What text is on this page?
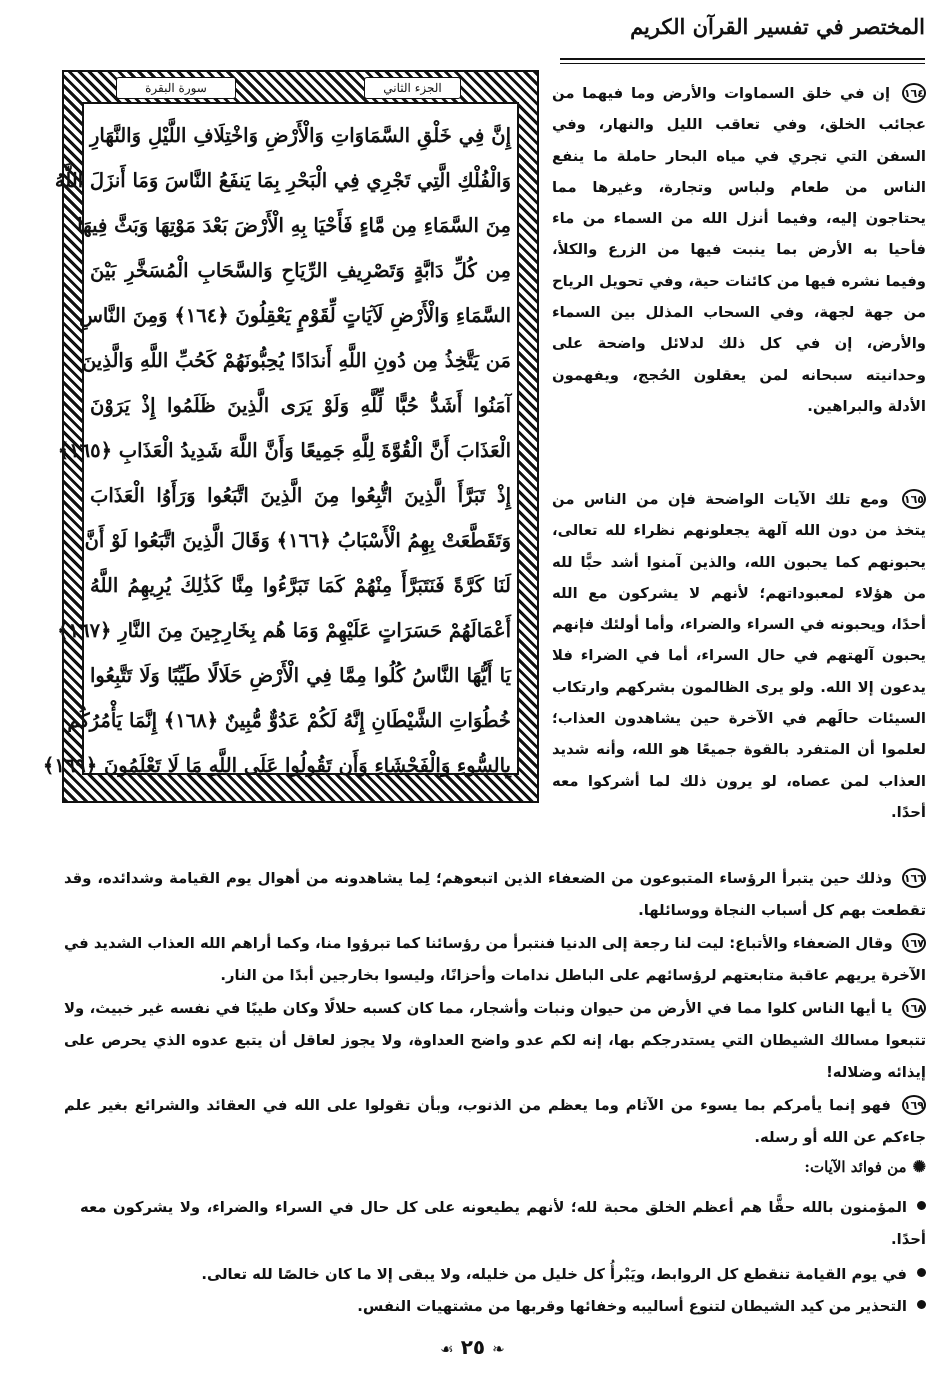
المختصر في تفسير القرآن الكريم
الجزء الثاني
سورة البقرة
إِنَّ فِي خَلْقِ السَّمَاوَاتِ وَالْأَرْضِ وَاخْتِلَافِ اللَّيْلِ وَالنَّهَارِ
وَالْفُلْكِ الَّتِي تَجْرِي فِي الْبَحْرِ بِمَا يَنفَعُ النَّاسَ وَمَا أَنزَلَ اللَّهُ
مِنَ السَّمَاءِ مِن مَّاءٍ فَأَحْيَا بِهِ الْأَرْضَ بَعْدَ مَوْتِهَا وَبَثَّ فِيهَا
مِن كُلِّ دَابَّةٍ وَتَصْرِيفِ الرِّيَاحِ وَالسَّحَابِ الْمُسَخَّرِ بَيْنَ
السَّمَاءِ وَالْأَرْضِ لَآيَاتٍ لِّقَوْمٍ يَعْقِلُونَ ﴿١٦٤﴾ وَمِنَ النَّاسِ
مَن يَتَّخِذُ مِن دُونِ اللَّهِ أَندَادًا يُحِبُّونَهُمْ كَحُبِّ اللَّهِ وَالَّذِينَ
آمَنُوا أَشَدُّ حُبًّا لِّلَّهِ وَلَوْ يَرَى الَّذِينَ ظَلَمُوا إِذْ يَرَوْنَ
الْعَذَابَ أَنَّ الْقُوَّةَ لِلَّهِ جَمِيعًا وَأَنَّ اللَّهَ شَدِيدُ الْعَذَابِ ﴿١٦٥﴾
إِذْ تَبَرَّأَ الَّذِينَ اتُّبِعُوا مِنَ الَّذِينَ اتَّبَعُوا وَرَأَوُا الْعَذَابَ
وَتَقَطَّعَتْ بِهِمُ الْأَسْبَابُ ﴿١٦٦﴾ وَقَالَ الَّذِينَ اتَّبَعُوا لَوْ أَنَّ
لَنَا كَرَّةً فَنَتَبَرَّأَ مِنْهُمْ كَمَا تَبَرَّءُوا مِنَّا كَذَٰلِكَ يُرِيهِمُ اللَّهُ
أَعْمَالَهُمْ حَسَرَاتٍ عَلَيْهِمْ وَمَا هُم بِخَارِجِينَ مِنَ النَّارِ ﴿١٦٧﴾
يَا أَيُّهَا النَّاسُ كُلُوا مِمَّا فِي الْأَرْضِ حَلَالًا طَيِّبًا وَلَا تَتَّبِعُوا
خُطُوَاتِ الشَّيْطَانِ إِنَّهُ لَكُمْ عَدُوٌّ مُّبِينٌ ﴿١٦٨﴾ إِنَّمَا يَأْمُرُكُم
بِالسُّوءِ وَالْفَحْشَاءِ وَأَن تَقُولُوا عَلَى اللَّهِ مَا لَا تَعْلَمُونَ ﴿١٦٩﴾
١٦٤ إن في خلق السماوات والأرض وما فيهما من عجائب الخلق، وفي تعاقب الليل والنهار، وفي السفن التي تجري في مياه البحار حاملة ما ينفع الناس من طعام ولباس وتجارة، وغيرها مما يحتاجون إليه، وفيما أنزل الله من السماء من ماء فأحيا به الأرض بما ينبت فيها من الزرع والكلأ، وفيما نشره فيها من كائنات حية، وفي تحويل الرياح من جهة لجهة، وفي السحاب المذلل بين السماء والأرض، إن في كل ذلك لدلائل واضحة على وحدانيته سبحانه لمن يعقلون الحُجج، ويفهمون الأدلة والبراهين.
١٦٥ ومع تلك الآيات الواضحة فإن من الناس من يتخذ من دون الله آلهة يجعلونهم نظراء لله تعالى، يحبونهم كما يحبون الله، والذين آمنوا أشد حبًّا لله من هؤلاء لمعبوداتهم؛ لأنهم لا يشركون مع الله أحدًا، ويحبونه في السراء والضراء، وأما أولئك فإنهم يحبون آلهتهم في حال السراء، أما في الضراء فلا يدعون إلا الله. ولو يرى الظالمون بشركهم وارتكاب السيئات حالَهم في الآخرة حين يشاهدون العذاب؛ لعلموا أن المتفرد بالقوة جميعًا هو الله، وأنه شديد العذاب لمن عصاه، لو يرون ذلك لما أشركوا معه أحدًا.
١٦٦ وذلك حين يتبرأ الرؤساء المتبوعون من الضعفاء الذين اتبعوهم؛ لِما يشاهدونه من أهوال يوم القيامة وشدائده، وقد تقطعت بهم كل أسباب النجاة ووسائلها.
١٦٧ وقال الضعفاء والأتباع: ليت لنا رجعة إلى الدنيا فنتبرأ من رؤسائنا كما تبرؤوا منا، وكما أراهم الله العذاب الشديد في الآخرة يريهم عاقبة متابعتهم لرؤسائهم على الباطل ندامات وأحزانًا، وليسوا بخارجين أبدًا من النار.
١٦٨ يا أيها الناس كلوا مما في الأرض من حيوان ونبات وأشجار، مما كان كسبه حلالًا وكان طيبًا في نفسه غير خبيث، ولا تتبعوا مسالك الشيطان التي يستدرجكم بها، إنه لكم عدو واضح العداوة، ولا يجوز لعاقل أن يتبع عدوه الذي يحرص على إيذائه وضلاله!
١٦٩ فهو إنما يأمركم بما يسوء من الآثام وما يعظم من الذنوب، وبأن تقولوا على الله في العقائد والشرائع بغير علم جاءكم عن الله أو رسله.
✺من فوائد الآيات:
المؤمنون بالله حقًّا هم أعظم الخلق محبة لله؛ لأنهم يطيعونه على كل حال في السراء والضراء، ولا يشركون معه أحدًا.
في يوم القيامة تنقطع كل الروابط، ويَبْرأُ كل خليل من خليله، ولا يبقى إلا ما كان خالصًا لله تعالى.
التحذير من كيد الشيطان لتنوع أساليبه وخفائها وقربها من مشتهيات النفس.
❧ ٢٥ ☙
